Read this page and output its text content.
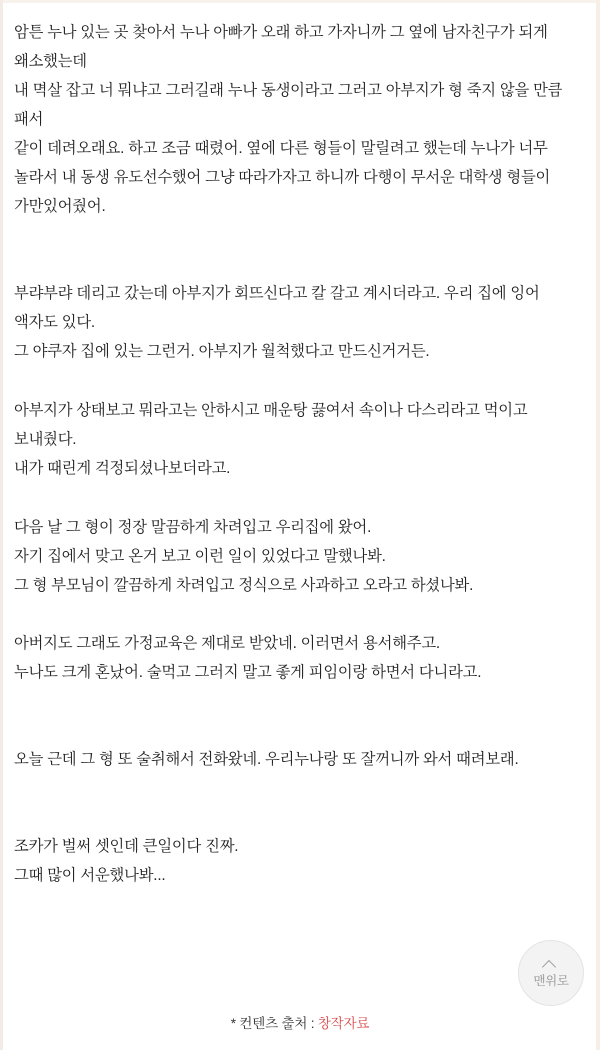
암튼 누나 있는 곳 찾아서 누나 아빠가 오래 하고 가자니까 그 옆에 남자친구가 되게 왜소했는데

내 멱살 잡고 너 뭐냐고 그러길래 누나 동생이라고 그러고 아부지가 형 죽지 않을 만큼 패서

같이 데려오래요. 하고 조금 때렸어. 옆에 다른 형들이 말릴려고 했는데 누나가 너무 놀라서 내 동생 유도선수했어 그냥 따라가자고 하니까 다행이 무서운 대학생 형들이

가만있어줬어.

부랴부랴 데리고 갔는데 아부지가 회뜨신다고 칼 갈고 계시더라고. 우리 집에 잉어 액자도 있다.

그 야쿠자 집에 있는 그런거. 아부지가 월척했다고 만드신거거든.

아부지가 상태보고 뭐라고는 안하시고 매운탕 끓여서 속이나 다스리라고 먹이고 보내줬다.

내가 때린게 걱정되셨나보더라고.

다음 날 그 형이 정장 말끔하게 차려입고 우리집에 왔어.

자기 집에서 맞고 온거 보고 이런 일이 있었다고 말했나봐.

그 형 부모님이 깔끔하게 차려입고 정식으로 사과하고 오라고 하셨나봐.

아버지도 그래도 가정교육은 제대로 받았네. 이러면서 용서해주고.

누나도 크게 혼났어. 술먹고 그러지 말고 좋게 피임이랑 하면서 다니라고.

오늘 근데 그 형 또 술취해서 전화왔네. 우리누나랑 또 잘꺼니까 와서 때려보래.

조카가 벌써 셋인데 큰일이다 진짜.

그때 많이 서운했나봐...

* 컨텐츠 출처 : 창작자료
맨위로
